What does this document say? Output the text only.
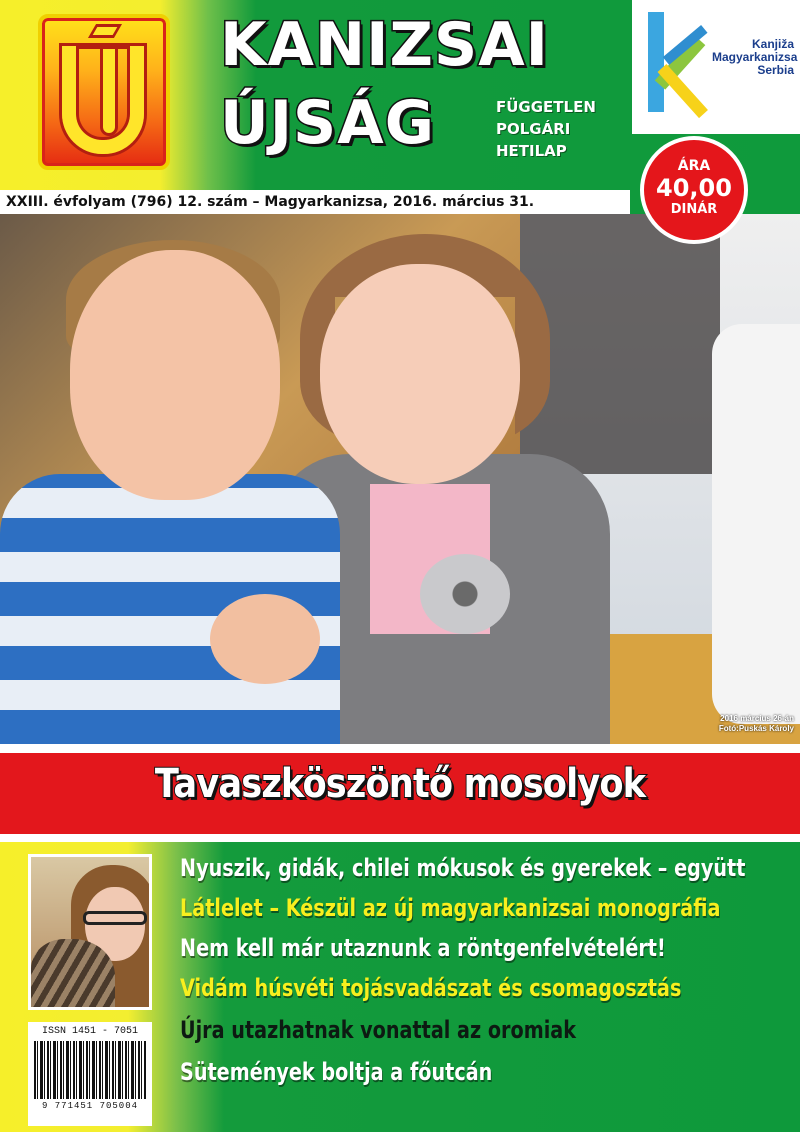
KANIZSAI
ÚJSÁG	FÜGGETLEN
POLGÁRI
HETILAP
Kanjiža
Magyarkanizsa
Serbia
XXIII. évfolyam (796) 12. szám – Magyarkanizsa, 2016. március 31.
ÁRA
40,00
DINÁR
2016 március 26-án
Fotó:Puskás Károly
Tavaszköszöntő mosolyok
ISSN 1451 - 7051
9 771451 705004
Nyuszik, gidák, chilei mókusok és gyerekek – együtt
Látlelet – Készül az új magyarkanizsai monográfia
Nem kell már utaznunk a röntgenfelvételért!
Vidám húsvéti tojásvadászat és csomagosztás
Újra utazhatnak vonattal az oromiak
Sütemények boltja a főutcán
